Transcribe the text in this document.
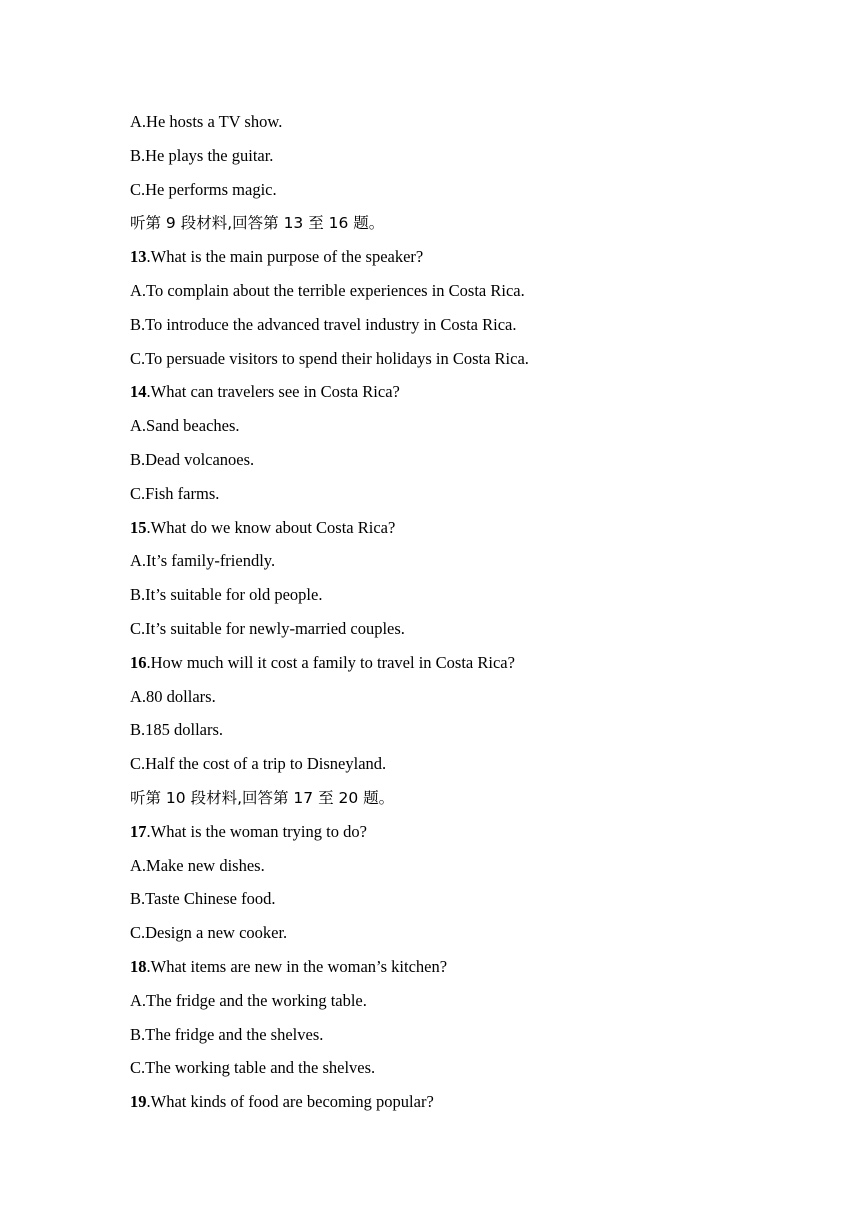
A.He hosts a TV show.
B.He plays the guitar.
C.He performs magic.
听第 9 段材料,回答第 13 至 16 题。
13.What is the main purpose of the speaker?
A.To complain about the terrible experiences in Costa Rica.
B.To introduce the advanced travel industry in Costa Rica.
C.To persuade visitors to spend their holidays in Costa Rica.
14.What can travelers see in Costa Rica?
A.Sand beaches.
B.Dead volcanoes.
C.Fish farms.
15.What do we know about Costa Rica?
A.It’s family-friendly.
B.It’s suitable for old people.
C.It’s suitable for newly-married couples.
16.How much will it cost a family to travel in Costa Rica?
A.80 dollars.
B.185 dollars.
C.Half the cost of a trip to Disneyland.
听第 10 段材料,回答第 17 至 20 题。
17.What is the woman trying to do?
A.Make new dishes.
B.Taste Chinese food.
C.Design a new cooker.
18.What items are new in the woman’s kitchen?
A.The fridge and the working table.
B.The fridge and the shelves.
C.The working table and the shelves.
19.What kinds of food are becoming popular?
